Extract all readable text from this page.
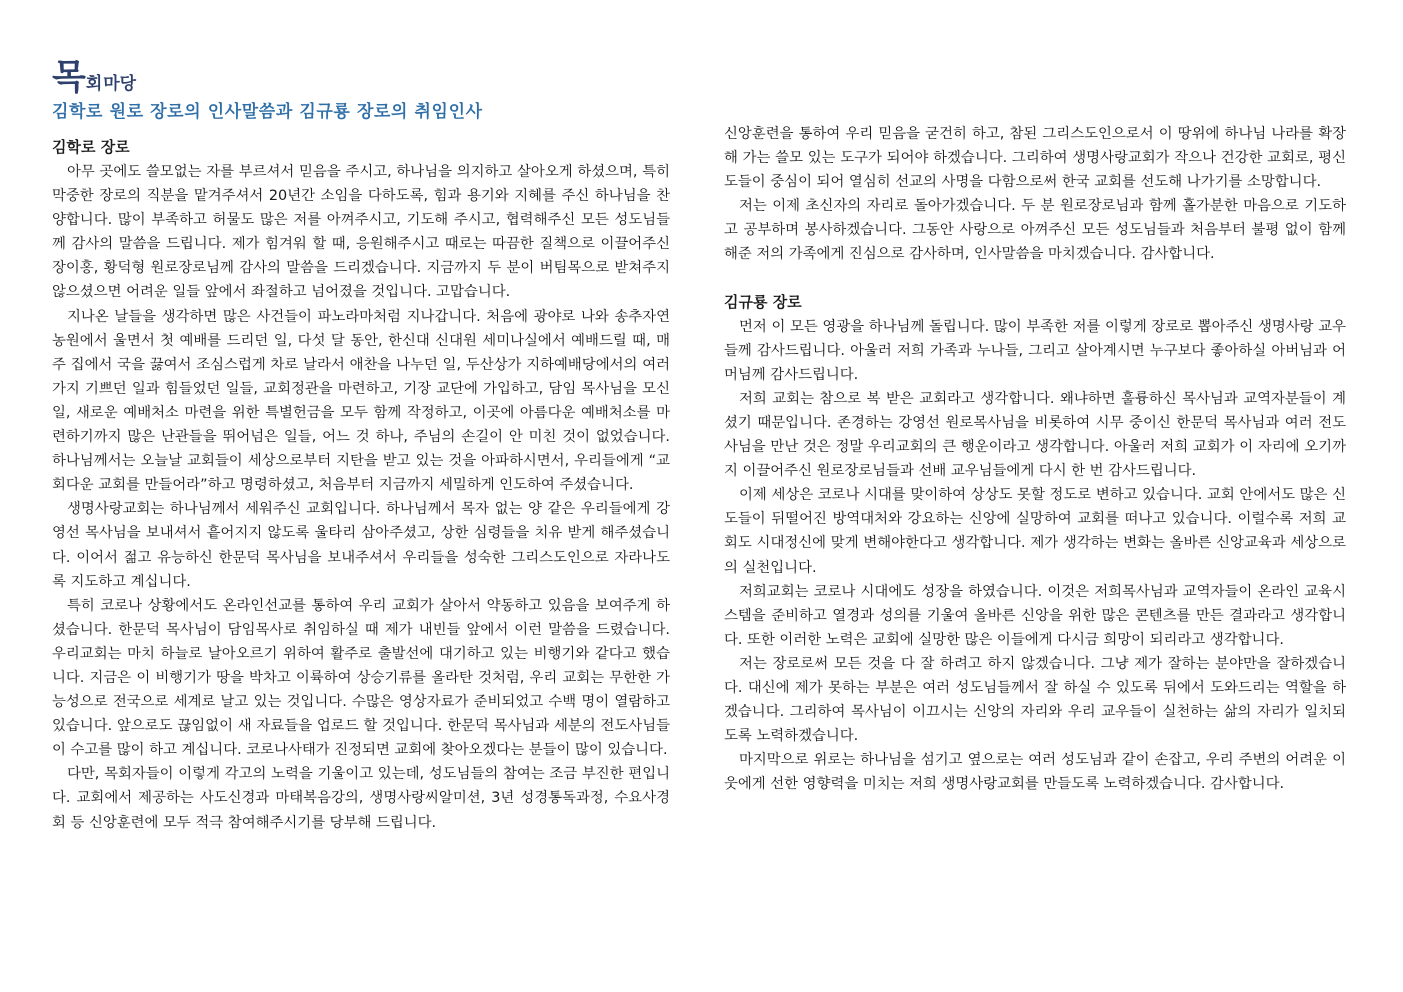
목회마당
김학로 원로 장로의 인사말씀과 김규룡 장로의 취임인사

김학로 장로

아무 곳에도 쓸모없는 자를 부르셔서 믿음을 주시고, 하나님을 의지하고 살아오게 하셨으며, 특히 막중한 장로의 직분을 맡겨주셔서 20년간 소임을 다하도록, 힘과 용기와 지혜를 주신 하나님을 찬양합니다. 많이 부족하고 허물도 많은 저를 아껴주시고, 기도해 주시고, 협력해주신 모든 성도님들께 감사의 말씀을 드립니다. 제가 힘겨워 할 때, 응원해주시고 때로는 따끔한 질책으로 이끌어주신 장이홍, 황덕형 원로장로님께 감사의 말씀을 드리겠습니다. 지금까지 두 분이 버팀목으로 받쳐주지 않으셨으면 어려운 일들 앞에서 좌절하고 넘어졌을 것입니다. 고맙습니다.

지나온 날들을 생각하면 많은 사건들이 파노라마처럼 지나갑니다. 처음에 광야로 나와 송추자연농원에서 울면서 첫 예배를 드리던 일, 다섯 달 동안, 한신대 신대원 세미나실에서 예배드릴 때, 매주 집에서 국을 끓여서 조심스럽게 차로 날라서 애찬을 나누던 일, 두산상가 지하예배당에서의 여러 가지 기쁘던 일과 힘들었던 일들, 교회정관을 마련하고, 기장 교단에 가입하고, 담임 목사님을 모신 일, 새로운 예배처소 마련을 위한 특별헌금을 모두 함께 작정하고, 이곳에 아름다운 예배처소를 마련하기까지 많은 난관들을 뛰어넘은 일들, 어느 것 하나, 주님의 손길이 안 미친 것이 없었습니다. 하나님께서는 오늘날 교회들이 세상으로부터 지탄을 받고 있는 것을 아파하시면서, 우리들에게 “교회다운 교회를 만들어라”하고 명령하셨고, 처음부터 지금까지 세밀하게 인도하여 주셨습니다.

생명사랑교회는 하나님께서 세워주신 교회입니다. 하나님께서 목자 없는 양 같은 우리들에게 강영선 목사님을 보내셔서 흩어지지 않도록 울타리 삼아주셨고, 상한 심령들을 치유 받게 해주셨습니다. 이어서 젊고 유능하신 한문덕 목사님을 보내주셔서 우리들을 성숙한 그리스도인으로 자라나도록 지도하고 계십니다.

특히 코로나 상황에서도 온라인선교를 통하여 우리 교회가 살아서 약동하고 있음을 보여주게 하셨습니다. 한문덕 목사님이 담임목사로 취임하실 때 제가 내빈들 앞에서 이런 말씀을 드렸습니다. 우리교회는 마치 하늘로 날아오르기 위하여 활주로 출발선에 대기하고 있는 비행기와 같다고 했습니다. 지금은 이 비행기가 땅을 박차고 이륙하여 상승기류를 올라탄 것처럼, 우리 교회는 무한한 가능성으로 전국으로 세계로 날고 있는 것입니다. 수많은 영상자료가 준비되었고 수백 명이 열람하고 있습니다. 앞으로도 끊임없이 새 자료들을 업로드 할 것입니다. 한문덕 목사님과 세분의 전도사님들이 수고를 많이 하고 계십니다. 코로나사태가 진정되면 교회에 찾아오겠다는 분들이 많이 있습니다.

다만, 목회자들이 이렇게 각고의 노력을 기울이고 있는데, 성도님들의 참여는 조금 부진한 편입니다. 교회에서 제공하는 사도신경과 마태복음강의, 생명사랑씨알미션, 3년 성경통독과정, 수요사경회 등 신앙훈련에 모두 적극 참여해주시기를 당부해 드립니다.

신앙훈련을 통하여 우리 믿음을 굳건히 하고, 참된 그리스도인으로서 이 땅위에 하나님 나라를 확장해 가는 쓸모 있는 도구가 되어야 하겠습니다. 그리하여 생명사랑교회가 작으나 건강한 교회로, 평신도들이 중심이 되어 열심히 선교의 사명을 다함으로써 한국 교회를 선도해 나가기를 소망합니다.

저는 이제 초신자의 자리로 돌아가겠습니다. 두 분 원로장로님과 함께 홀가분한 마음으로 기도하고 공부하며 봉사하겠습니다. 그동안 사랑으로 아껴주신 모든 성도님들과 처음부터 불평 없이 함께 해준 저의 가족에게 진심으로 감사하며, 인사말씀을 마치겠습니다. 감사합니다.

김규룡 장로

먼저 이 모든 영광을 하나님께 돌립니다. 많이 부족한 저를 이렇게 장로로 뽑아주신 생명사랑 교우들께 감사드립니다. 아울러 저희 가족과 누나들, 그리고 살아계시면 누구보다 좋아하실 아버님과 어머님께 감사드립니다.

저희 교회는 참으로 복 받은 교회라고 생각합니다. 왜냐하면 훌륭하신 목사님과 교역자분들이 계셨기 때문입니다. 존경하는 강영선 원로목사님을 비롯하여 시무 중이신 한문덕 목사님과 여러 전도사님을 만난 것은 정말 우리교회의 큰 행운이라고 생각합니다. 아울러 저희 교회가 이 자리에 오기까지 이끌어주신 원로장로님들과 선배 교우님들에게 다시 한 번 감사드립니다.

이제 세상은 코로나 시대를 맞이하여 상상도 못할 정도로 변하고 있습니다. 교회 안에서도 많은 신도들이 뒤떨어진 방역대처와 강요하는 신앙에 실망하여 교회를 떠나고 있습니다. 이럴수록 저희 교회도 시대정신에 맞게 변해야한다고 생각합니다. 제가 생각하는 변화는 올바른 신앙교육과 세상으로의 실천입니다.

저희교회는 코로나 시대에도 성장을 하였습니다. 이것은 저희목사님과 교역자들이 온라인 교육시스템을 준비하고 열경과 성의를 기울여 올바른 신앙을 위한 많은 콘텐츠를 만든 결과라고 생각합니다. 또한 이러한 노력은 교회에 실망한 많은 이들에게 다시금 희망이 되리라고 생각합니다.

저는 장로로써 모든 것을 다 잘 하려고 하지 않겠습니다. 그냥 제가 잘하는 분야만을 잘하겠습니다. 대신에 제가 못하는 부분은 여러 성도님들께서 잘 하실 수 있도록 뒤에서 도와드리는 역할을 하겠습니다. 그리하여 목사님이 이끄시는 신앙의 자리와 우리 교우들이 실천하는 삶의 자리가 일치되도록 노력하겠습니다.

마지막으로 위로는 하나님을 섬기고 옆으로는 여러 성도님과 같이 손잡고, 우리 주변의 어려운 이웃에게 선한 영향력을 미치는 저희 생명사랑교회를 만들도록 노력하겠습니다. 감사합니다.
